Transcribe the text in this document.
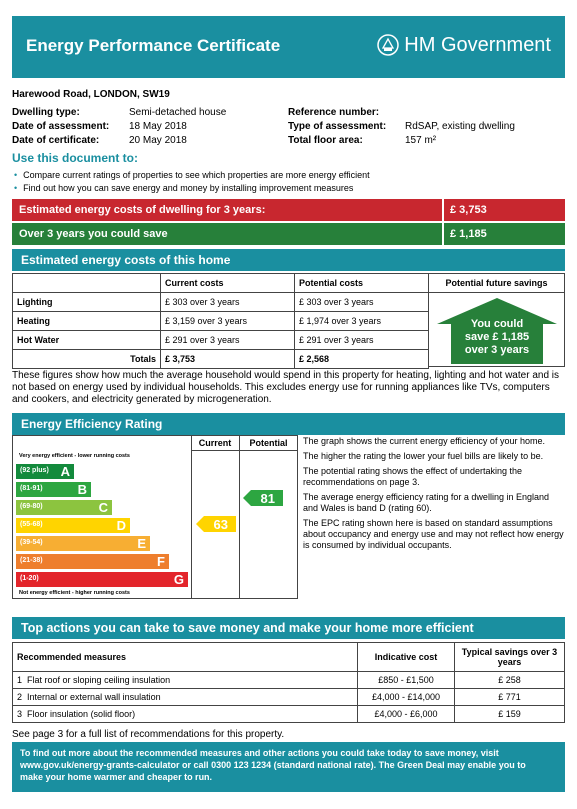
Energy Performance Certificate	HM Government
Harewood Road, LONDON, SW19
Dwelling type:	Semi-detached house
Date of assessment:	18 May 2018
Date of certificate:	20 May 2018
Reference number:
Type of assessment:	RdSAP, existing dwelling
Total floor area:	157 m²
Use this document to:
• Compare current ratings of properties to see which properties are more energy efficient
• Find out how you can save energy and money by installing improvement measures
Estimated energy costs of dwelling for 3 years:	£ 3,753
Over 3 years you could save	£ 1,185
Estimated energy costs of this home
	Current costs	Potential costs
Lighting	£ 303 over 3 years	£ 303 over 3 years
Heating	£ 3,159 over 3 years	£ 1,974 over 3 years
Hot Water	£ 291 over 3 years	£ 291 over 3 years
Totals	£ 3,753	£ 2,568
Potential future savings
You could
save £ 1,185
over 3 years
These figures show how much the average household would spend in this property for heating, lighting and hot water and is not based on energy used by individual households. This excludes energy use for running appliances like TVs, computers and cookers, and electricity generated by microgeneration.
Energy Efficiency Rating
Current	Potential
Very energy efficient - lower running costs
(92 plus) A
(81-91)	B
(69-80)	C
(55-68)	D
(39-54)	E
(21-38)	F
(1-20)	G
Not energy efficient - higher running costs
63
81

The graph shows the current energy efficiency of your home.

The higher the rating the lower your fuel bills are likely to be.

The potential rating shows the effect of undertaking the recommendations on page 3.

The average energy efficiency rating for a dwelling in England and Wales is band D (rating 60).

The EPC rating shown here is based on standard assumptions about occupancy and energy use and may not reflect how energy is consumed by individual occupants.

Top actions you can take to save money and make your home more efficient
Recommended measures	Indicative cost	Typical savings over 3 years
1 Flat roof or sloping ceiling insulation	£850 - £1,500	£ 258
2 Internal or external wall insulation	£4,000 - £14,000	£ 771
3 Floor insulation (solid floor)	£4,000 - £6,000	£ 159
See page 3 for a full list of recommendations for this property.
To find out more about the recommended measures and other actions you could take today to save money, visit
www.gov.uk/energy-grants-calculator or call 0300 123 1234 (standard national rate). The Green Deal may enable you to
make your home warmer and cheaper to run.
